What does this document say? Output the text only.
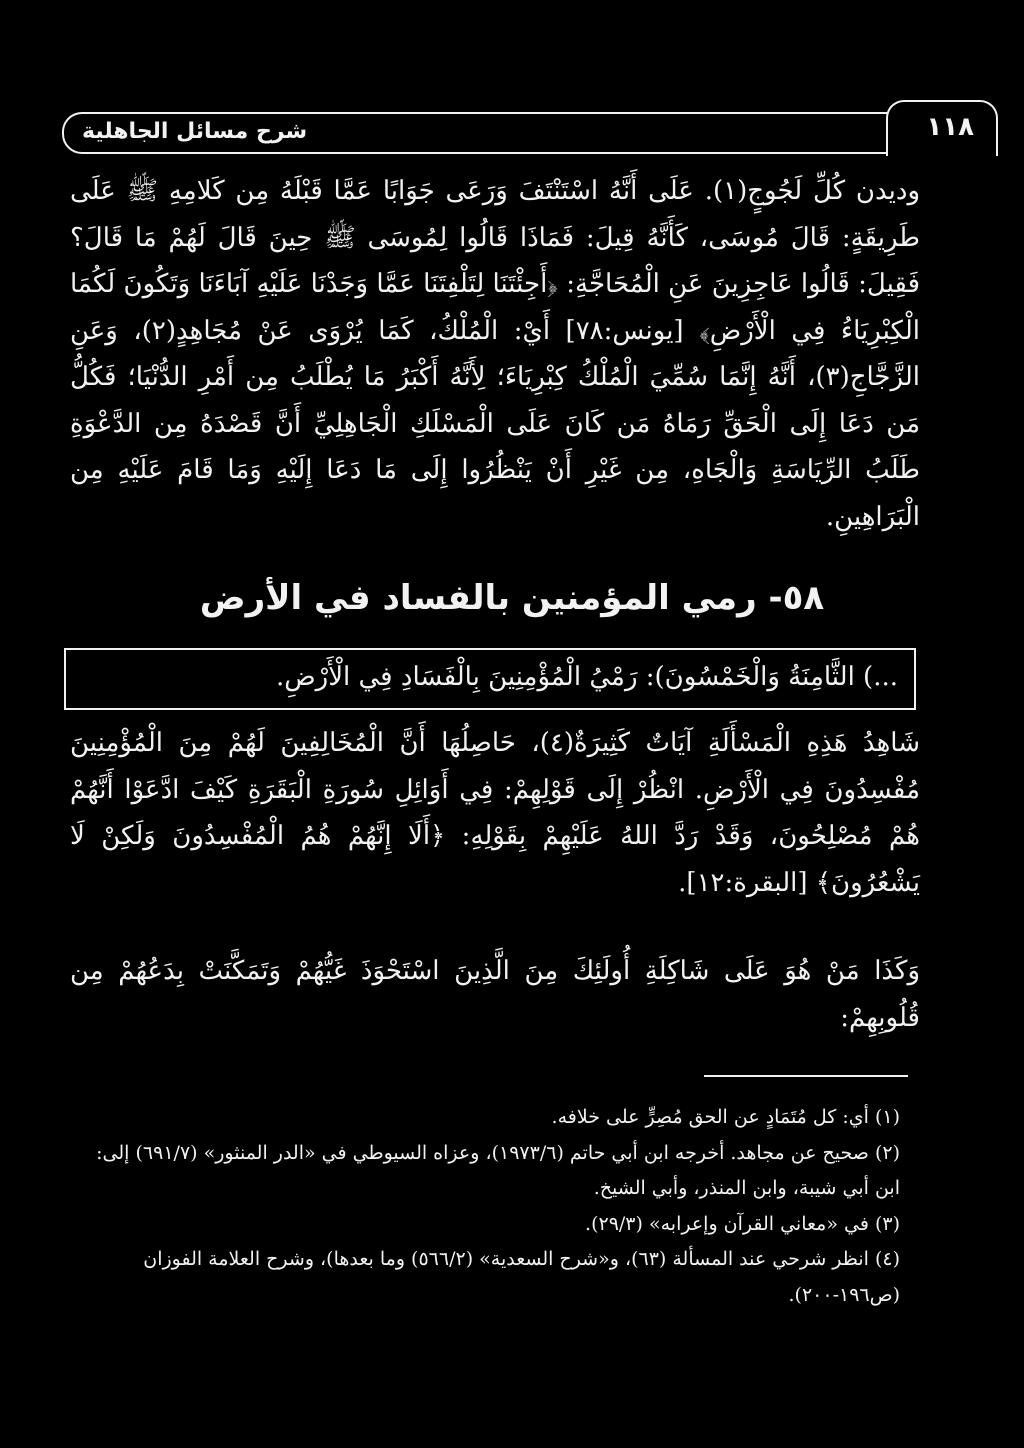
شرح مسائل الجاهلية	١١٨
وديدن كُلِّ لَجُوجٍ(١). عَلَى أَنَّهُ اسْتَنْتَفَ وَرَعَى جَوَابًا عَمَّا قَبْلَهُ مِن كَلامِهِ ﷺ عَلَى طَرِيقَةٍ: قَالَ مُوسَى، كَأَنَّهُ قِيلَ: فَمَاذَا قَالُوا لِمُوسَى ﷺ حِينَ قَالَ لَهُمْ مَا قَالَ؟ فَقِيلَ: قَالُوا عَاجِزِينَ عَنِ الْمُحَاجَّةِ: ﴿أَجِئْتَنَا لِتَلْفِتَنَا عَمَّا وَجَدْنَا عَلَيْهِ آبَاءَنَا وَتَكُونَ لَكُمَا الْكِبْرِيَاءُ فِي الْأَرْضِ﴾ [يونس:٧٨] أَيْ: الْمُلْكُ، كَمَا يُرْوَى عَنْ مُجَاهِدٍ(٢)، وَعَنِ الزَّجَّاجِ(٣)، أَنَّهُ إِنَّمَا سُمِّيَ الْمُلْكُ كِبْرِيَاءَ؛ لِأَنَّهُ أَكْبَرُ مَا يُطْلَبُ مِن أَمْرِ الدُّنْيَا؛ فَكُلُّ مَن دَعَا إِلَى الْحَقِّ رَمَاهُ مَن كَانَ عَلَى الْمَسْلَكِ الْجَاهِلِيِّ أَنَّ قَصْدَهُ مِن الدَّعْوَةِ طَلَبُ الرِّيَاسَةِ وَالْجَاهِ، مِن غَيْرِ أَنْ يَنْظُرُوا إِلَى مَا دَعَا إِلَيْهِ وَمَا قَامَ عَلَيْهِ مِن الْبَرَاهِينِ.
٥٨- رمي المؤمنين بالفساد في الأرض
...) الثَّامِنَةُ وَالْخَمْسُونَ): رَمْيُ الْمُؤْمِنِينَ بِالْفَسَادِ فِي الْأَرْضِ.
شَاهِدُ هَذِهِ الْمَسْأَلَةِ آيَاتٌ كَثِيرَةٌ(٤)، حَاصِلُهَا أَنَّ الْمُخَالِفِينَ لَهُمْ مِنَ الْمُؤْمِنِينَ مُفْسِدُونَ فِي الْأَرْضِ. انْظُرْ إِلَى قَوْلِهِمْ: فِي أَوَائِلِ سُورَةِ الْبَقَرَةِ كَيْفَ ادَّعَوْا أَنَّهُمْ هُمْ مُصْلِحُونَ، وَقَدْ رَدَّ اللهُ عَلَيْهِمْ بِقَوْلِهِ: ﴿أَلَا إِنَّهُمْ هُمُ الْمُفْسِدُونَ وَلَكِنْ لَا يَشْعُرُونَ﴾ [البقرة:١٢].
وَكَذَا مَنْ هُوَ عَلَى شَاكِلَةِ أُولَئِكَ مِنَ الَّذِينَ اسْتَحْوَذَ غَيُّهُمْ وَتَمَكَّنَتْ بِدَعُهُمْ مِن قُلُوبِهِمْ:

(١)أي: كل مُتَمَادٍ عن الحق مُصِرٍّ على خلافه.

(٢)صحيح عن مجاهد. أخرجه ابن أبي حاتم (١٩٧٣/٦)، وعزاه السيوطي في «الدر المنثور» (٦٩١/٧) إلى: ابن أبي شيبة، وابن المنذر، وأبي الشيخ.

(٣)في «معاني القرآن وإعرابه» (٢٩/٣).

(٤)انظر شرحي عند المسألة (٦٣)، و«شرح السعدية» (٥٦٦/٢) وما بعدها)، وشرح العلامة الفوزان (ص١٩٦-٢٠٠).
